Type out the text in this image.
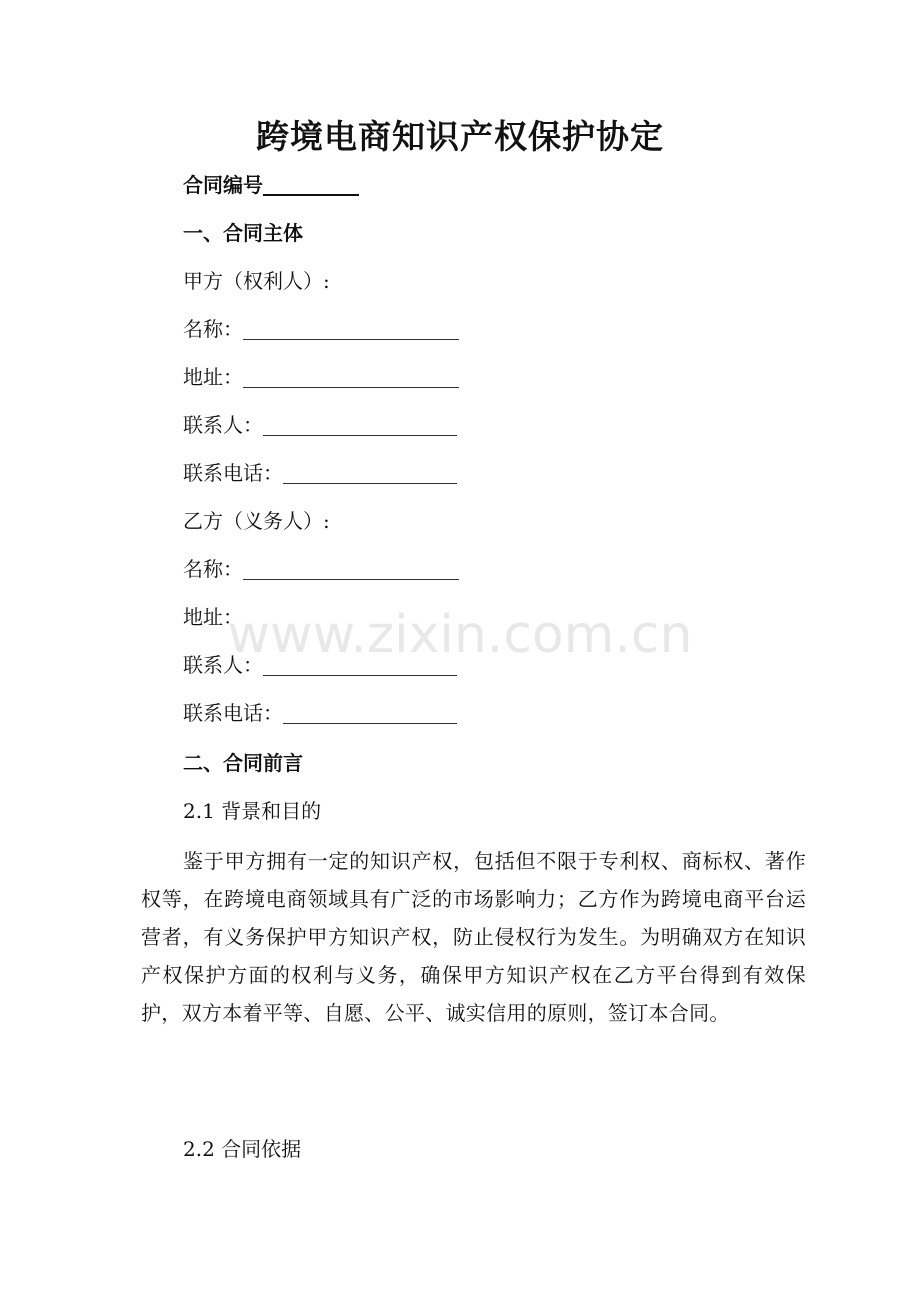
跨境电商知识产权保护协定
合同编号
一、合同主体
甲方（权利人）:
名称：
地址：
联系人：
联系电话：
乙方（义务人）:
名称：
地址：
联系人：
联系电话：
二、合同前言
2.1 背景和目的
鉴于甲方拥有一定的知识产权，包括但不限于专利权、商标权、著作权等，在跨境电商领域具有广泛的市场影响力；乙方作为跨境电商平台运营者，有义务保护甲方知识产权，防止侵权行为发生。为明确双方在知识产权保护方面的权利与义务，确保甲方知识产权在乙方平台得到有效保护，双方本着平等、自愿、公平、诚实信用的原则，签订本合同。
2.2 合同依据
www.zixin.com.cn
